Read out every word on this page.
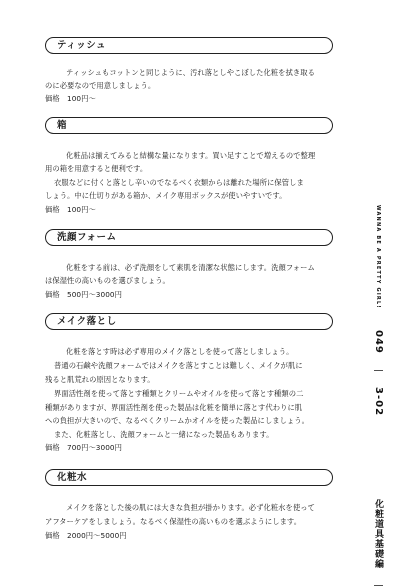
ティッシュ
ティッシュもコットンと同じように、汚れ落としやこぼした化粧を拭き取る
のに必要なので用意しましょう。
価格　100円〜
箱
化粧品は揃えてみると結構な量になります。買い足すことで増えるので整理
用の箱を用意すると便利です。
衣服などに付くと落とし辛いのでなるべく衣類からは離れた場所に保管しま
しょう。中に仕切りがある箱か、メイク専用ボックスが使いやすいです。
価格　100円〜
洗顔フォーム
化粧をする前は、必ず洗顔をして素肌を清潔な状態にします。洗顔フォーム
は保湿性の高いものを選びましょう。
価格　500円〜3000円
メイク落とし
化粧を落とす時は必ず専用のメイク落としを使って落としましょう。
普通の石鹸や洗顔フォームではメイクを落とすことは難しく、メイクが肌に
残ると肌荒れの原因となります。
界面活性剤を使って落とす種類とクリームやオイルを使って落とす種類の二
種類がありますが、界面活性剤を使った製品は化粧を簡単に落とす代わりに肌
への負担が大きいので、なるべくクリームかオイルを使った製品にしましょう。
また、化粧落とし、洗顔フォームと一緒になった製品もあります。
価格　700円〜3000円
化粧水
メイクを落とした後の肌には大きな負担が掛かります。必ず化粧水を使って
アフターケアをしましょう。なるべく保湿性の高いものを選ぶようにします。
価格　2000円〜5000円
WANNA BE A PRETTY GIRL! 049 | 3-02 化粧道具基礎編 |
